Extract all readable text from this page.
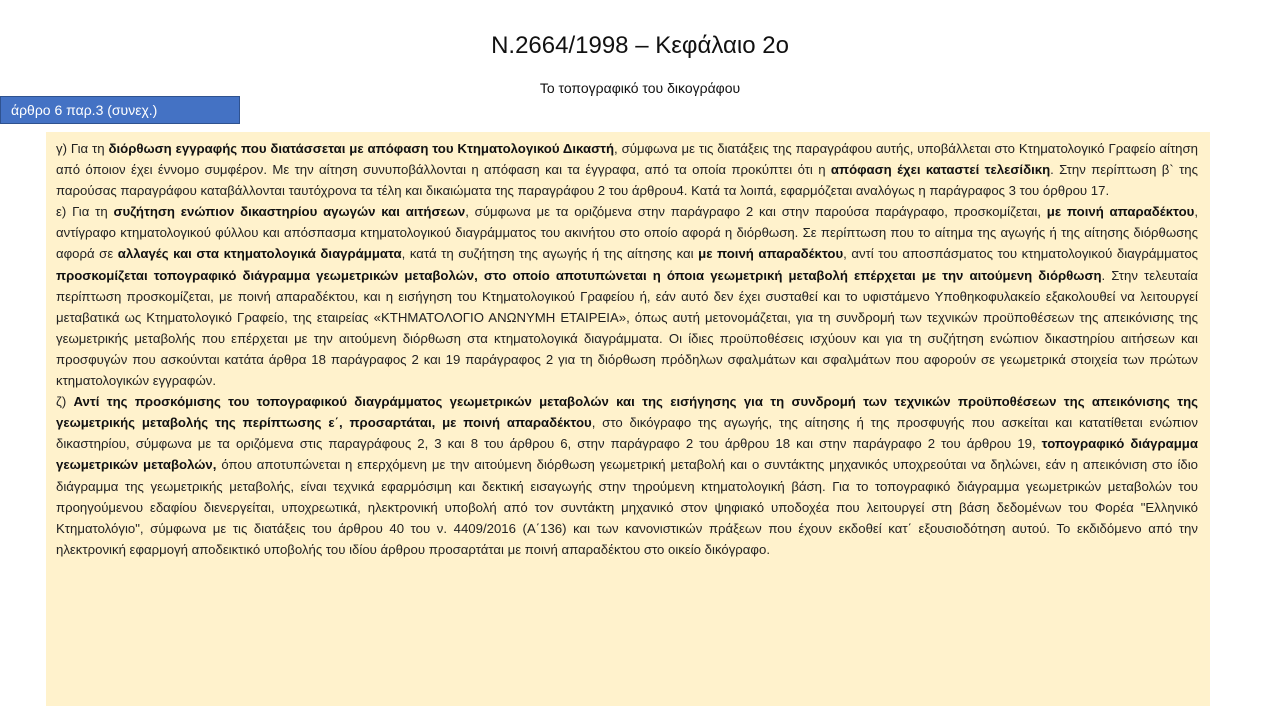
Ν.2664/1998 – Κεφάλαιο 2ο
Το τοπογραφικό του δικογράφου
άρθρο 6 παρ.3 (συνεχ.)

γ) Για τη διόρθωση εγγραφής που διατάσσεται με απόφαση του Κτηματολογικού Δικαστή, σύμφωνα με τις διατάξεις της παραγράφου αυτής, υποβάλλεται στο Κτηματολογικό Γραφείο αίτηση από όποιον έχει έννομο συμφέρον. Με την αίτηση συνυποβάλλονται η απόφαση και τα έγγραφα, από τα οποία προκύπτει ότι η απόφαση έχει καταστεί τελεσίδικη. Στην περίπτωση β` της παρούσας παραγράφου καταβάλλονται ταυτόχρονα τα τέλη και δικαιώματα της παραγράφου 2 του άρθρου4. Κατά τα λοιπά, εφαρμόζεται αναλόγως η παράγραφος 3 του όρθρου 17.

ε) Για τη συζήτηση ενώπιον δικαστηρίου αγωγών και αιτήσεων, σύμφωνα με τα οριζόμενα στην παράγραφο 2 και στην παρούσα παράγραφο, προσκομίζεται, με ποινή απαραδέκτου, αντίγραφο κτηματολογικού φύλλου και απόσπασμα κτηματολογικού διαγράμματος του ακινήτου στο οποίο αφορά η διόρθωση. Σε περίπτωση που το αίτημα της αγωγής ή της αίτησης διόρθωσης αφορά σε αλλαγές και στα κτηματολογικά διαγράμματα, κατά τη συζήτηση της αγωγής ή της αίτησης και με ποινή απαραδέκτου, αντί του αποσπάσματος του κτηματολογικού διαγράμματος προσκομίζεται τοπογραφικό διάγραμμα γεωμετρικών μεταβολών, στο οποίο αποτυπώνεται η όποια γεωμετρική μεταβολή επέρχεται με την αιτούμενη διόρθωση. Στην τελευταία περίπτωση προσκομίζεται, με ποινή απαραδέκτου, και η εισήγηση του Κτηματολογικού Γραφείου ή, εάν αυτό δεν έχει συσταθεί και το υφιστάμενο Υποθηκοφυλακείο εξακολουθεί να λειτουργεί μεταβατικά ως Κτηματολογικό Γραφείο, της εταιρείας «ΚΤΗΜΑΤΟΛΟΓΙΟ ΑΝΩΝΥΜΗ ΕΤΑΙΡΕΙΑ», όπως αυτή μετονομάζεται, για τη συνδρομή των τεχνικών προϋποθέσεων της απεικόνισης της γεωμετρικής μεταβολής που επέρχεται με την αιτούμενη διόρθωση στα κτηματολογικά διαγράμματα. Οι ίδιες προϋποθέσεις ισχύουν και για τη συζήτηση ενώπιον δικαστηρίου αιτήσεων και προσφυγών που ασκούνται κατάτα άρθρα 18 παράγραφος 2 και 19 παράγραφος 2 για τη διόρθωση πρόδηλων σφαλμάτων και σφαλμάτων που αφορούν σε γεωμετρικά στοιχεία των πρώτων κτηματολογικών εγγραφών.

ζ) Αντί της προσκόμισης του τοπογραφικού διαγράμματος γεωμετρικών μεταβολών και της εισήγησης για τη συνδρομή των τεχνικών προϋποθέσεων της απεικόνισης της γεωμετρικής μεταβολής της περίπτωσης ε΄, προσαρτάται, με ποινή απαραδέκτου, στο δικόγραφο της αγωγής, της αίτησης ή της προσφυγής που ασκείται και κατατίθεται ενώπιον δικαστηρίου, σύμφωνα με τα οριζόμενα στις παραγράφους 2, 3 και 8 του άρθρου 6, στην παράγραφο 2 του άρθρου 18 και στην παράγραφο 2 του άρθρου 19, τοπογραφικό διάγραμμα γεωμετρικών μεταβολών, όπου αποτυπώνεται η επερχόμενη με την αιτούμενη διόρθωση γεωμετρική μεταβολή και ο συντάκτης μηχανικός υποχρεούται να δηλώνει, εάν η απεικόνιση στο ίδιο διάγραμμα της γεωμετρικής μεταβολής, είναι τεχνικά εφαρμόσιμη και δεκτική εισαγωγής στην τηρούμενη κτηματολογική βάση. Για το τοπογραφικό διάγραμμα γεωμετρικών μεταβολών του προηγούμενου εδαφίου διενεργείται, υποχρεωτικά, ηλεκτρονική υποβολή από τον συντάκτη μηχανικό στον ψηφιακό υποδοχέα που λειτουργεί στη βάση δεδομένων του Φορέα "Ελληνικό Κτηματολόγιο", σύμφωνα με τις διατάξεις του άρθρου 40 του ν. 4409/2016 (Α΄136) και των κανονιστικών πράξεων που έχουν εκδοθεί κατ΄ εξουσιοδότηση αυτού. Το εκδιδόμενο από την ηλεκτρονική εφαρμογή αποδεικτικό υποβολής του ιδίου άρθρου προσαρτάται με ποινή απαραδέκτου στο οικείο δικόγραφο.
